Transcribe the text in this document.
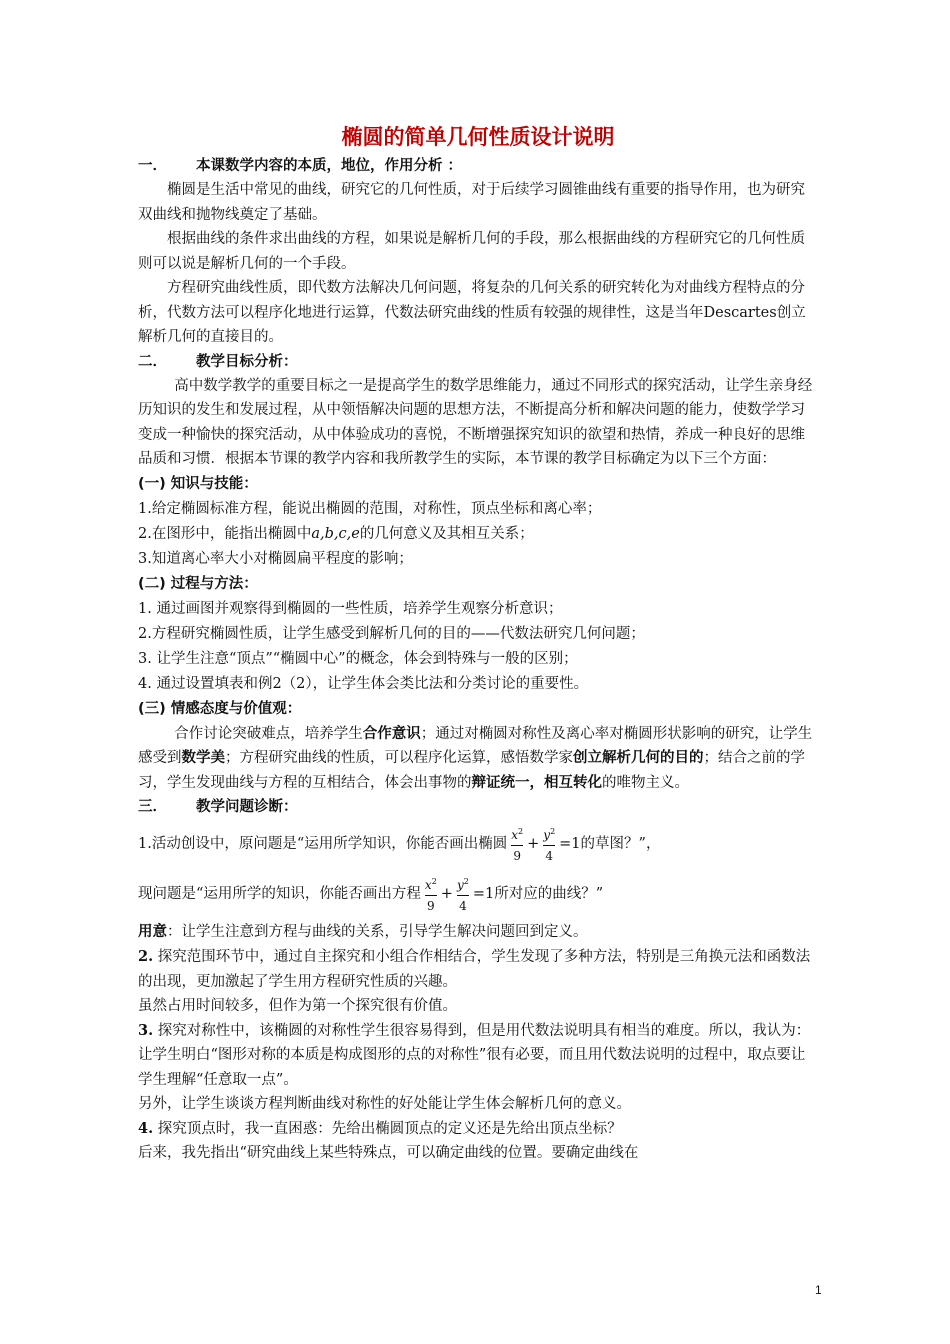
椭圆的简单几何性质设计说明
一． 本课数学内容的本质，地位，作用分析 ：

椭圆是生活中常见的曲线，研究它的几何性质，对于后续学习圆锥曲线有重要的指导作用，也为研究双曲线和抛物线奠定了基础。

根据曲线的条件求出曲线的方程，如果说是解析几何的手段，那么根据曲线的方程研究它的几何性质则可以说是解析几何的一个手段。

方程研究曲线性质，即代数方法解决几何问题，将复杂的几何关系的研究转化为对曲线方程特点的分析，代数方法可以程序化地进行运算，代数法研究曲线的性质有较强的规律性，这是当年Descartes创立解析几何的直接目的。

二． 教学目标分析：

高中数学教学的重要目标之一是提高学生的数学思维能力，通过不同形式的探究活动，让学生亲身经历知识的发生和发展过程，从中领悟解决问题的思想方法，不断提高分析和解决问题的能力，使数学学习变成一种愉快的探究活动，从中体验成功的喜悦，不断增强探究知识的欲望和热情，养成一种良好的思维品质和习惯．根据本节课的教学内容和我所教学生的实际，本节课的教学目标确定为以下三个方面：

(一) 知识与技能：

1.给定椭圆标准方程，能说出椭圆的范围，对称性，顶点坐标和离心率；

2.在图形中，能指出椭圆中a,b,c,e的几何意义及其相互关系；

3.知道离心率大小对椭圆扁平程度的影响；

(二) 过程与方法：

1. 通过画图并观察得到椭圆的一些性质，培养学生观察分析意识；

2.方程研究椭圆性质，让学生感受到解析几何的目的——代数法研究几何问题；

3. 让学生注意“顶点”“椭圆中心”的概念，体会到特殊与一般的区别；

4. 通过设置填表和例2（2），让学生体会类比法和分类讨论的重要性。

(三) 情感态度与价值观：

合作讨论突破难点，培养学生合作意识；通过对椭圆对称性及离心率对椭圆形状影响的研究，让学生感受到数学美；方程研究曲线的性质，可以程序化运算，感悟数学家创立解析几何的目的；结合之前的学习，学生发现曲线与方程的互相结合，体会出事物的辩证统一，相互转化的唯物主义。

三． 教学问题诊断：

1.活动创设中，原问题是“运用所学知识，你能否画出椭圆 $\frac{x^2}{9} + \frac{y^2}{4} =1$的草图？”，

现问题是“运用所学的知识，你能否画出方程 $\frac{x^2}{9} + \frac{y^2}{4} =1$所对应的曲线？”

用意：让学生注意到方程与曲线的关系，引导学生解决问题回到定义。

2. 探究范围环节中，通过自主探究和小组合作相结合，学生发现了多种方法，特别是三角换元法和函数法的出现，更加激起了学生用方程研究性质的兴趣。

虽然占用时间较多，但作为第一个探究很有价值。

3. 探究对称性中，该椭圆的对称性学生很容易得到，但是用代数法说明具有相当的难度。所以，我认为：让学生明白“图形对称的本质是构成图形的点的对称性”很有必要，而且用代数法说明的过程中，取点要让学生理解“任意取一点”。

另外，让学生谈谈方程判断曲线对称性的好处能让学生体会解析几何的意义。

4. 探究顶点时，我一直困惑：先给出椭圆顶点的定义还是先给出顶点坐标？

后来，我先指出“研究曲线上某些特殊点，可以确定曲线的位置。要确定曲线在

1
